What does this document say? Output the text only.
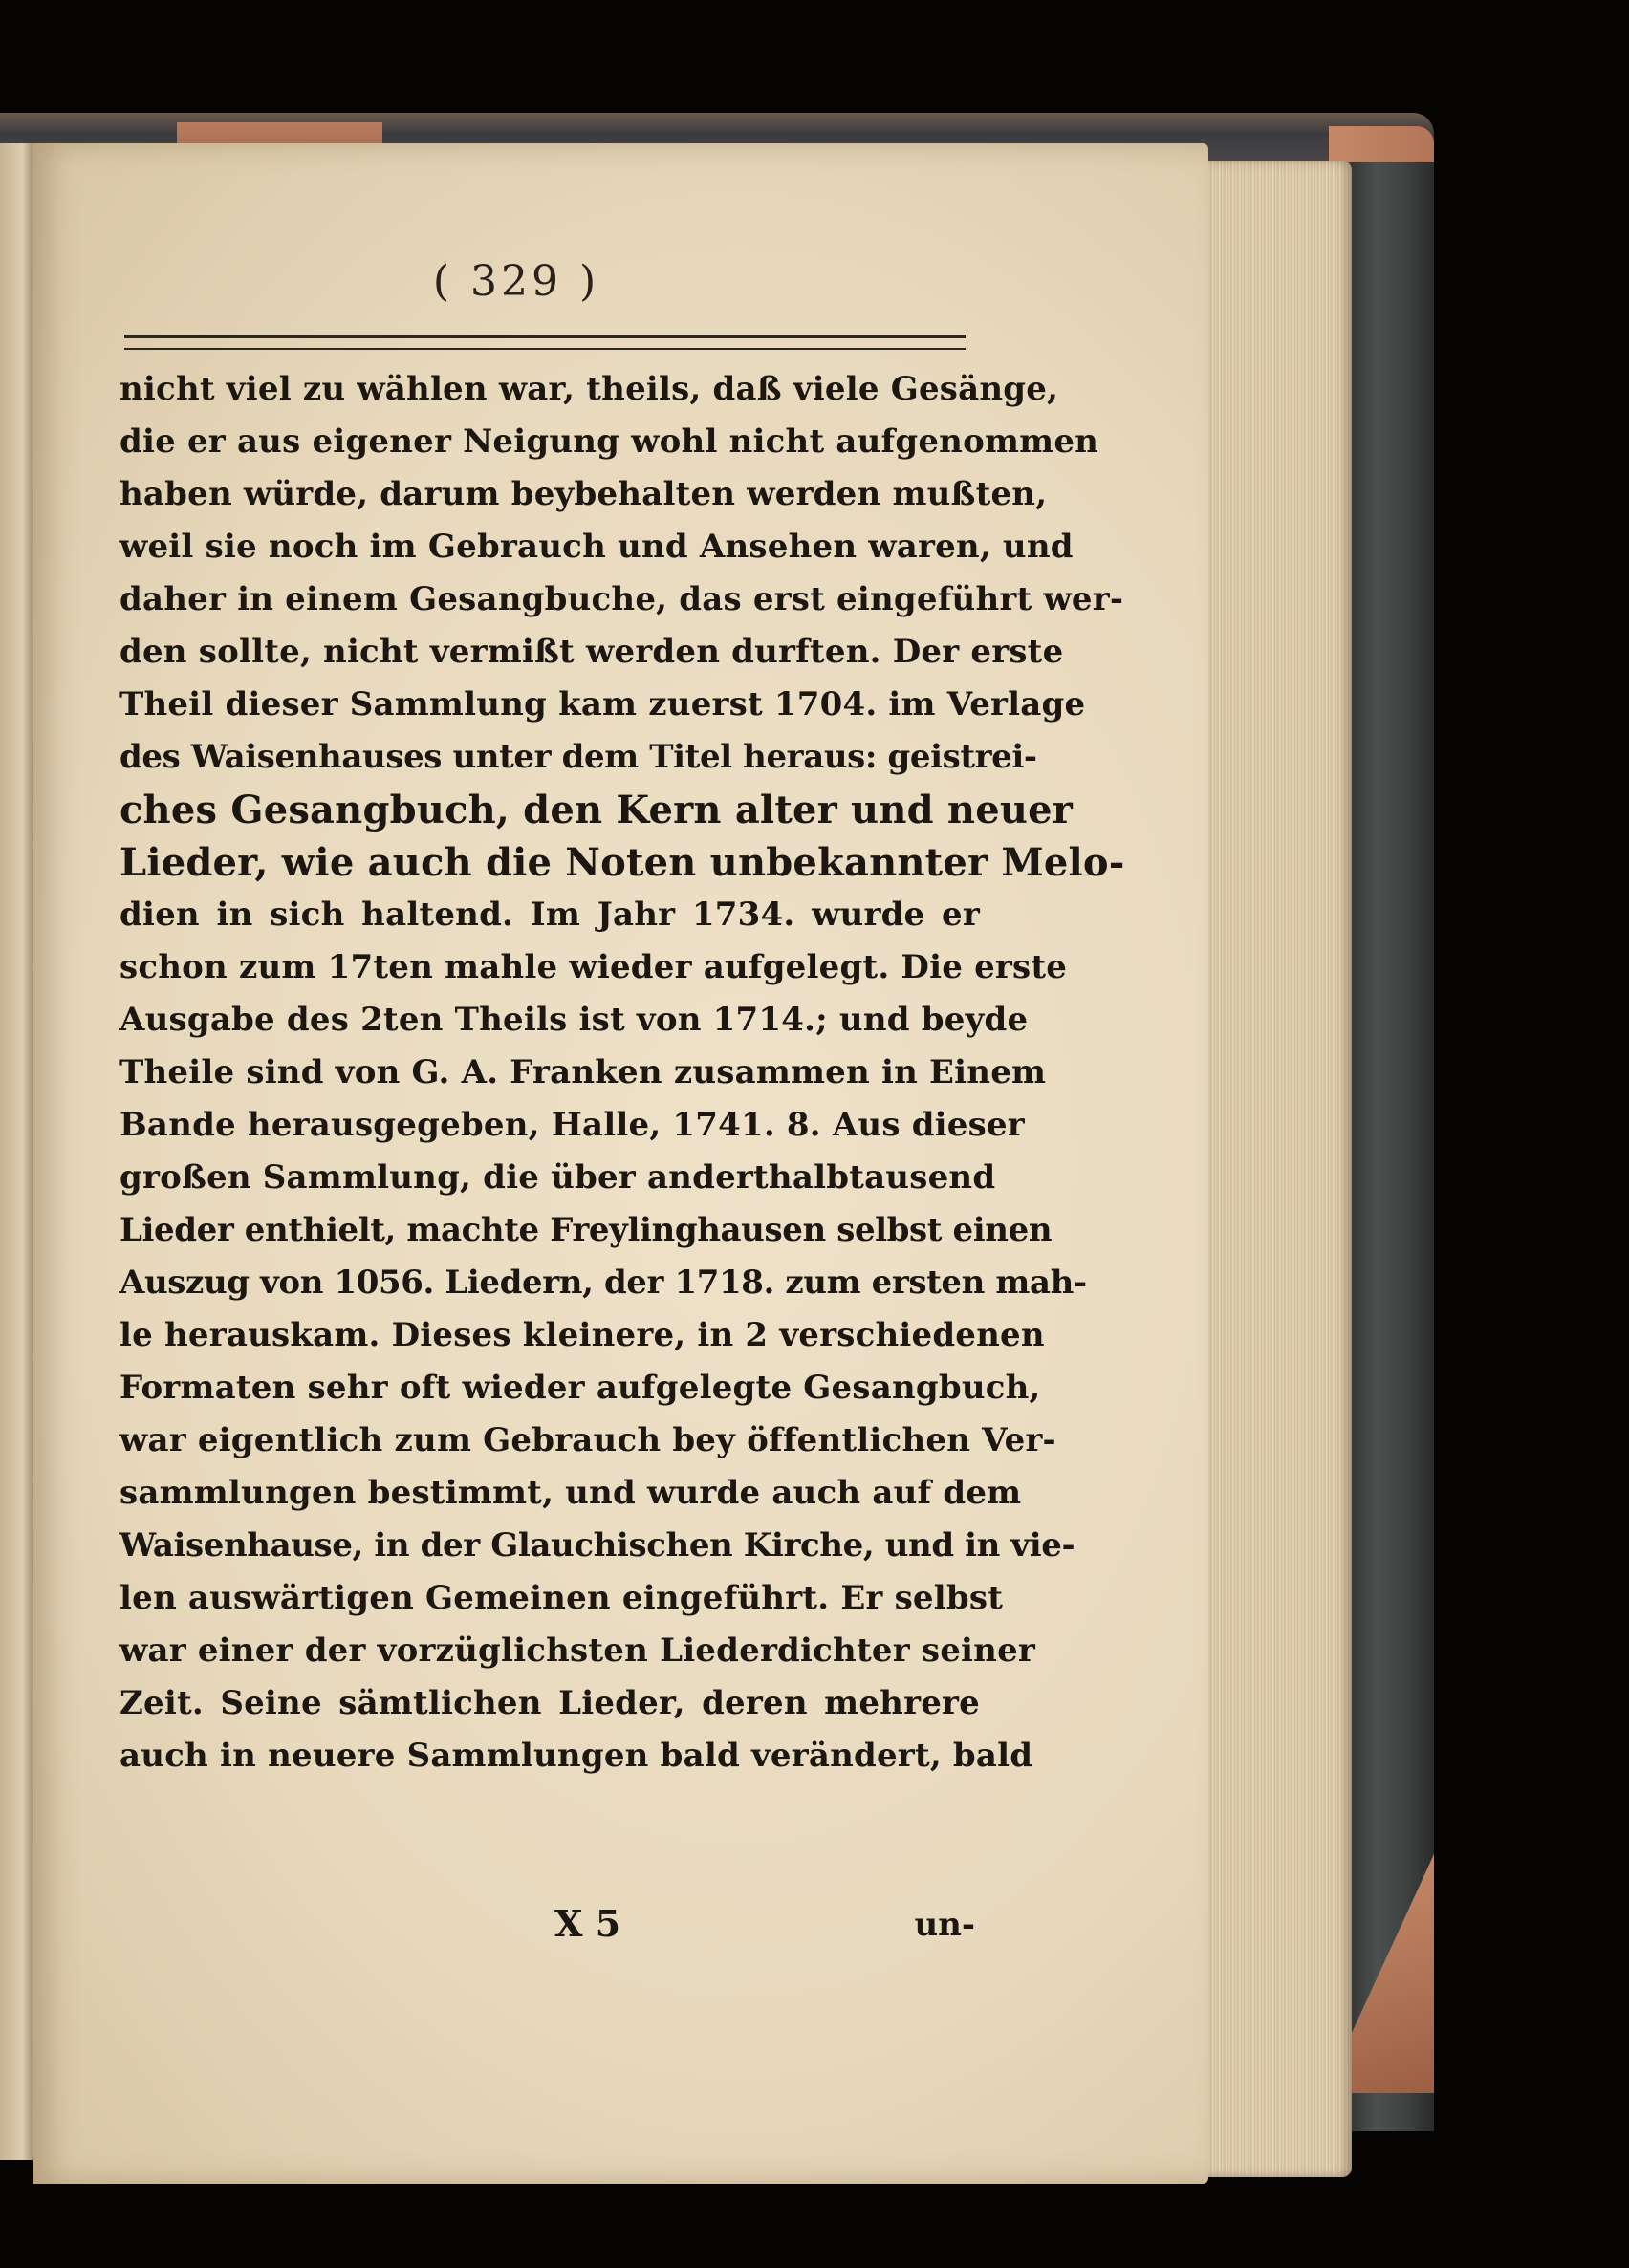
( 329 )
nicht viel zu wählen war, theils, daß viele Gesänge,
die er aus eigener Neigung wohl nicht aufgenommen
haben würde, darum beybehalten werden mußten,
weil sie noch im Gebrauch und Ansehen waren, und
daher in einem Gesangbuche, das erst eingeführt wer-
den sollte, nicht vermißt werden durften. Der erste
Theil dieser Sammlung kam zuerst 1704. im Verlage
des Waisenhauses unter dem Titel heraus: geistrei-
ches Gesangbuch, den Kern alter und neuer
Lieder, wie auch die Noten unbekannter Melo-
dien in sich haltend. Im Jahr 1734. wurde er
schon zum 17ten mahle wieder aufgelegt. Die erste
Ausgabe des 2ten Theils ist von 1714.; und beyde
Theile sind von G. A. Franken zusammen in Einem
Bande herausgegeben, Halle, 1741. 8. Aus dieser
großen Sammlung, die über anderthalbtausend
Lieder enthielt, machte Freylinghausen selbst einen
Auszug von 1056. Liedern, der 1718. zum ersten mah-
le herauskam. Dieses kleinere, in 2 verschiedenen
Formaten sehr oft wieder aufgelegte Gesangbuch,
war eigentlich zum Gebrauch bey öffentlichen Ver-
sammlungen bestimmt, und wurde auch auf dem
Waisenhause, in der Glauchischen Kirche, und in vie-
len auswärtigen Gemeinen eingeführt. Er selbst
war einer der vorzüglichsten Liederdichter seiner
Zeit. Seine sämtlichen Lieder, deren mehrere
auch in neuere Sammlungen bald verändert, bald
X 5	un-
